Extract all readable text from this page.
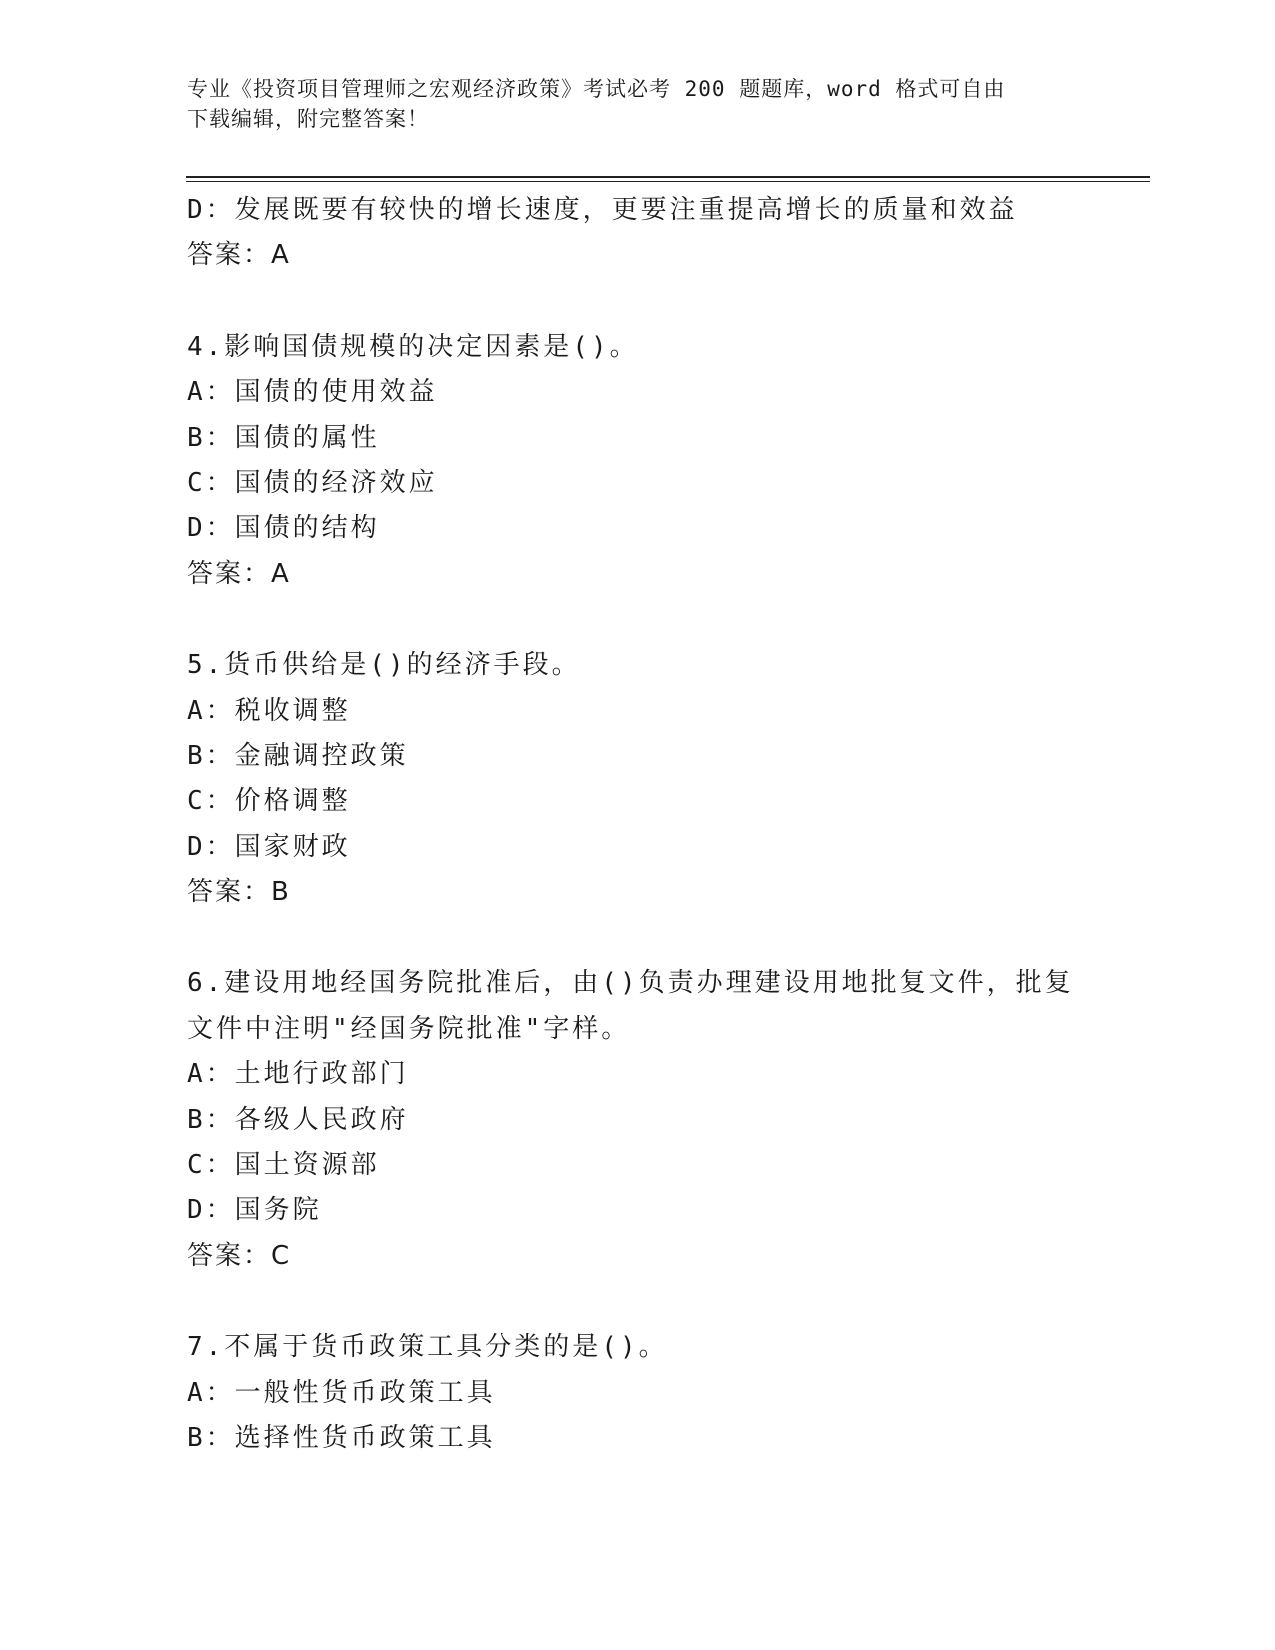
专业《投资项目管理师之宏观经济政策》考试必考 200 题题库，word 格式可自由
下载编辑，附完整答案！
D：发展既要有较快的增长速度，更要注重提高增长的质量和效益
答案：A
4.影响国债规模的决定因素是()。
A：国债的使用效益
B：国债的属性
C：国债的经济效应
D：国债的结构
答案：A
5.货币供给是()的经济手段。
A：税收调整
B：金融调控政策
C：价格调整
D：国家财政
答案：B
6.建设用地经国务院批准后，由()负责办理建设用地批复文件，批复
文件中注明"经国务院批准"字样。
A：土地行政部门
B：各级人民政府
C：国土资源部
D：国务院
答案：C
7.不属于货币政策工具分类的是()。
A：一般性货币政策工具
B：选择性货币政策工具
